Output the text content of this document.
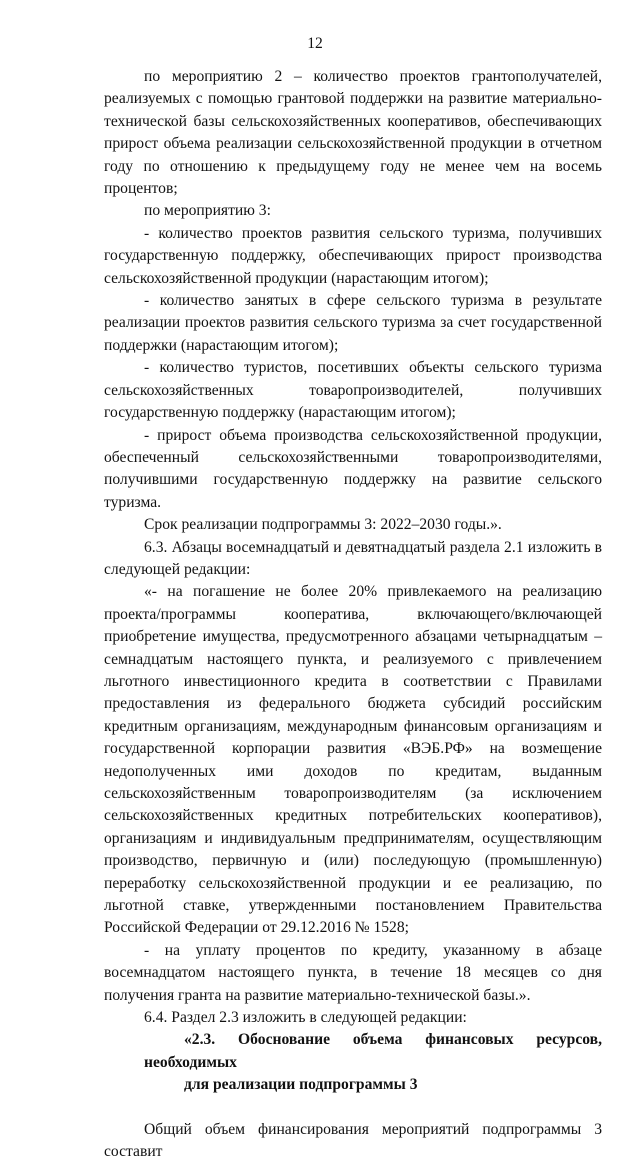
12

по мероприятию 2 – количество проектов грантополучателей, реализуемых с помощью грантовой поддержки на развитие материально-технической базы сельскохозяйственных кооперативов, обеспечивающих прирост объема реализации сельскохозяйственной продукции в отчетном году по отношению к предыдущему году не менее чем на восемь процентов;

по мероприятию 3:

- количество проектов развития сельского туризма, получивших государственную поддержку, обеспечивающих прирост производства сельскохозяйственной продукции (нарастающим итогом);

- количество занятых в сфере сельского туризма в результате реализации проектов развития сельского туризма за счет государственной поддержки (нарастающим итогом);

- количество туристов, посетивших объекты сельского туризма сельскохозяйственных товаропроизводителей, получивших государственную поддержку (нарастающим итогом);

- прирост объема производства сельскохозяйственной продукции, обеспеченный сельскохозяйственными товаропроизводителями, получившими государственную поддержку на развитие сельского туризма.

Срок реализации подпрограммы 3: 2022–2030 годы.».

6.3. Абзацы восемнадцатый и девятнадцатый раздела 2.1 изложить в следующей редакции:

«- на погашение не более 20% привлекаемого на реализацию проекта/программы кооператива, включающего/включающей приобретение имущества, предусмотренного абзацами четырнадцатым – семнадцатым настоящего пункта, и реализуемого с привлечением льготного инвестиционного кредита в соответствии с Правилами предоставления из федерального бюджета субсидий российским кредитным организациям, международным финансовым организациям и государственной корпорации развития «ВЭБ.РФ» на возмещение недополученных ими доходов по кредитам, выданным сельскохозяйственным товаропроизводителям (за исключением сельскохозяйственных кредитных потребительских кооперативов), организациям и индивидуальным предпринимателям, осуществляющим производство, первичную и (или) последующую (промышленную) переработку сельскохозяйственной продукции и ее реализацию, по льготной ставке, утвержденными постановлением Правительства Российской Федерации от 29.12.2016 № 1528;

- на уплату процентов по кредиту, указанному в абзаце восемнадцатом настоящего пункта, в течение 18 месяцев со дня получения гранта на развитие материально-технической базы.».

6.4. Раздел 2.3 изложить в следующей редакции:

«2.3. Обоснование объема финансовых ресурсов, необходимых

для реализации подпрограммы 3

Общий объем финансирования мероприятий подпрограммы 3 составит
